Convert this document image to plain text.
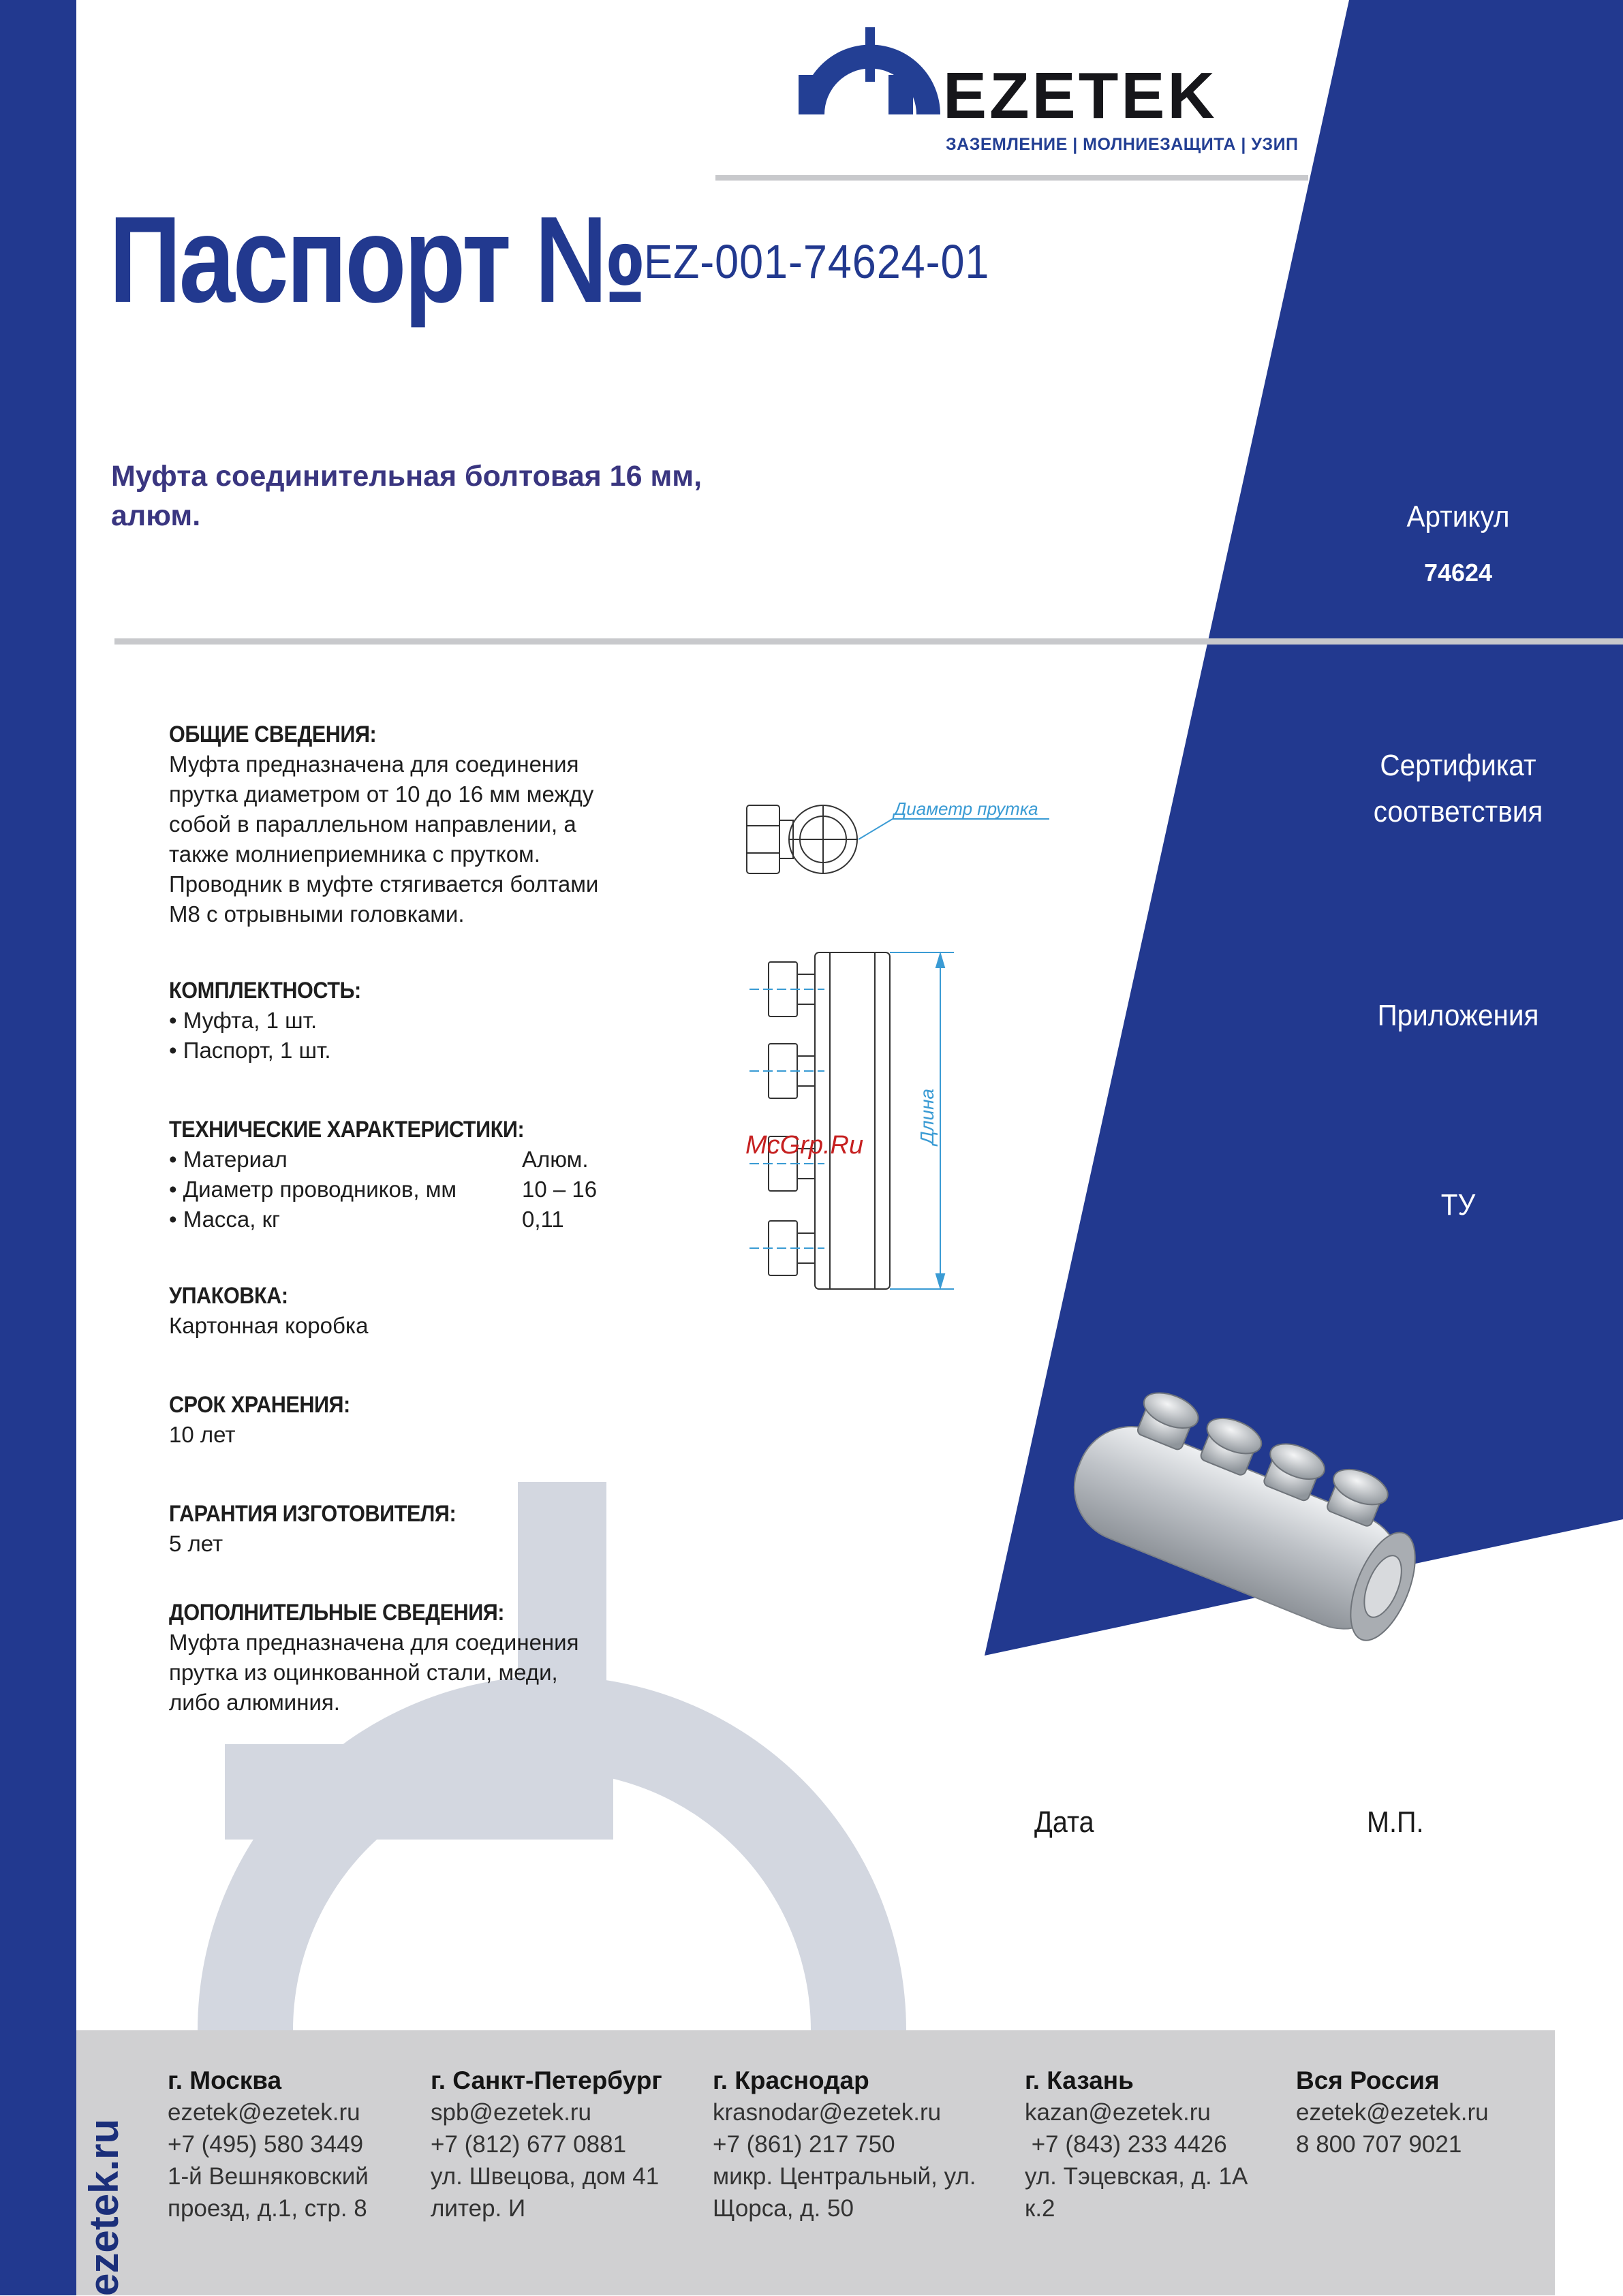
EZETEK
ЗАЗЕМЛЕНИЕ | МОЛНИЕЗАЩИТА | УЗИП
Паспорт №
EZ-001-74624-01
Муфта соединительная болтовая 16 мм,
алюм.	Артикул
74624
Сертификат
соответствия
Приложения
ТУ
ОБЩИЕ СВЕДЕНИЯ:
Муфта предназначена для соединения
прутка диаметром от 10 до 16 мм между
собой в параллельном направлении, а
также молниеприемника с прутком.
Проводник в муфте стягивается болтами
М8 с отрывными головками.
КОМПЛЕКТНОСТЬ:
• Муфта, 1 шт.
• Паспорт, 1 шт.
ТЕХНИЧЕСКИЕ ХАРАКТЕРИСТИКИ:
• Материал	Алюм.
• Диаметр проводников, мм	10 – 16
• Масса, кг	0,11
УПАКОВКА:
Картонная коробка
СРОК ХРАНЕНИЯ:
10 лет
ГАРАНТИЯ ИЗГОТОВИТЕЛЯ:
5 лет
ДОПОЛНИТЕЛЬНЫЕ СВЕДЕНИЯ:
Муфта предназначена для соединения
прутка из оцинкованной стали, меди,
либо алюминия.
Диаметр прутка
Длина
McGrp.Ru
Дата	М.П.
ezetek.ru
г. Москва
ezetek@ezetek.ru
+7 (495) 580 3449
1-й Вешняковский
проезд, д.1, стр. 8
г. Санкт-Петербург
spb@ezetek.ru
+7 (812) 677 0881
ул. Швецова, дом 41
литер. И
г. Краснодар
krasnodar@ezetek.ru
+7 (861) 217 750
микр. Центральный, ул.
Щорса, д. 50
г. Казань
kazan@ezetek.ru
+7 (843) 233 4426
ул. Тэцевская, д. 1А
к.2
Вся Россия
ezetek@ezetek.ru
8 800 707 9021
